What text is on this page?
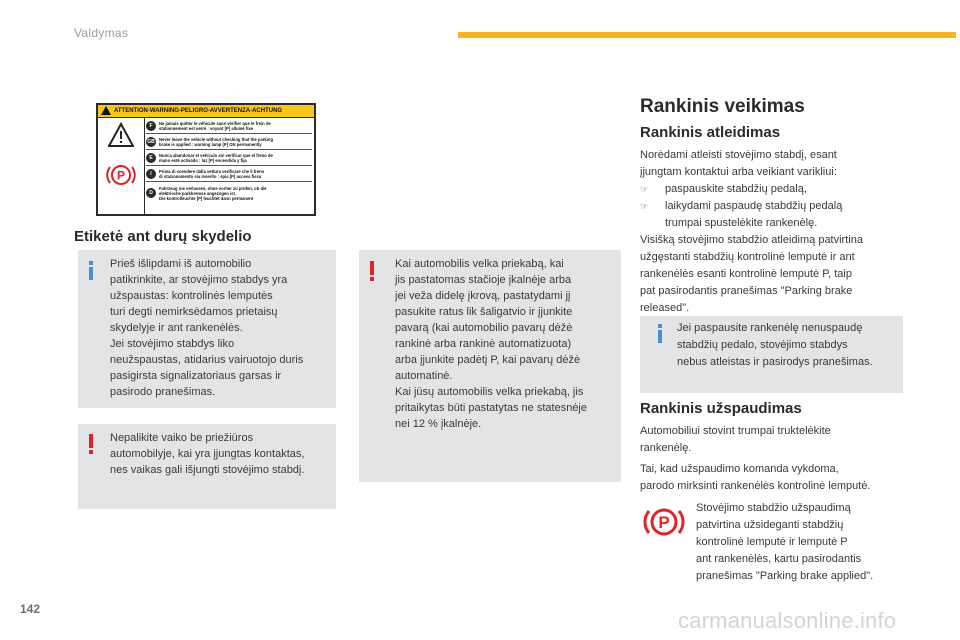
Valdymas
ATTENTION-WARNING-PELIGRO-AVVERTENZA-ACHTUNG
P
F	Ne jamais quitter le véhicule sans vérifier que le frein de
stationnement est serré : voyant [P] allumé fixe
GB Never leave the vehicle without checking that the parking
brake is applied : warning lamp [P] ON permanently
E	Nunca abandonar el vehículo sin verificar que el freno de
mano esté activado : luz [P] encendida y fija
I	Prima di scendere dalla vettura verificare che il freno
di stazionamento sia inserito : spia [P] accesa fissa
D
Fahrzeug nie verlassen, ohne vorher zu prüfen, ob die
elektrische parkbremse angezogen ist.
Die kontrolleuchte [P] leuchtet dann permanent
Etiketė ant durų skydelio
Prieš išlipdami iš automobilio
patikrinkite, ar stovėjimo stabdys yra
užspaustas: kontrolinės lemputės
turi degti nemirksėdamos prietaisų
skydelyje ir ant rankenėlės.
Jei stovėjimo stabdys liko
neužspaustas, atidarius vairuotojo duris
pasigirsta signalizatoriaus garsas ir
pasirodo pranešimas.
Nepalikite vaiko be priežiūros
automobilyje, kai yra įjungtas kontaktas,
nes vaikas gali išjungti stovėjimo stabdį.
Kai automobilis velka priekabą, kai
jis pastatomas stačioje įkalnėje arba
jei veža didelę įkrovą, pastatydami jį
pasukite ratus lik šaligatvio ir įjunkite
pavarą (kai automobilio pavarų dėžė
rankinė arba rankinė automatizuota)
arba įjunkite padėtį P, kai pavarų dėžė
automatinė.
Kai jūsų automobilis velka priekabą, jis
pritaikytas būti pastatytas ne statesnėje
nei 12 % įkalnėje.
Rankinis veikimas
Rankinis atleidimas
Norėdami atleisti stovėjimo stabdį, esant
įjungtam kontaktui arba veikiant varikliui:
☞ paspauskite stabdžių pedalą,
☞ laikydami paspaudę stabdžių pedalą
trumpai spustelėkite rankenėlę.
Visišką stovėjimo stabdžio atleidimą patvirtina
užgęstanti stabdžių kontrolinė lemputė ir ant
rankenėlės esanti kontrolinė lemputė P, taip
pat pasirodantis pranešimas "Parking brake
released".
Jei paspausite rankenėlę nenuspaudę
stabdžių pedalo, stovėjimo stabdys
nebus atleistas ir pasirodys pranešimas.
Rankinis užspaudimas
Automobiliui stovint trumpai truktelėkite
rankenėlę.
Tai, kad užspaudimo komanda vykdoma,
parodo mirksinti rankenėlės kontrolinė lemputė.
P
Stovėjimo stabdžio užspaudimą
patvirtina užsideganti stabdžių
kontrolinė lemputė ir lemputė P
ant rankenėlės, kartu pasirodantis
pranešimas "Parking brake applied".
142	carmanualsonline.info
